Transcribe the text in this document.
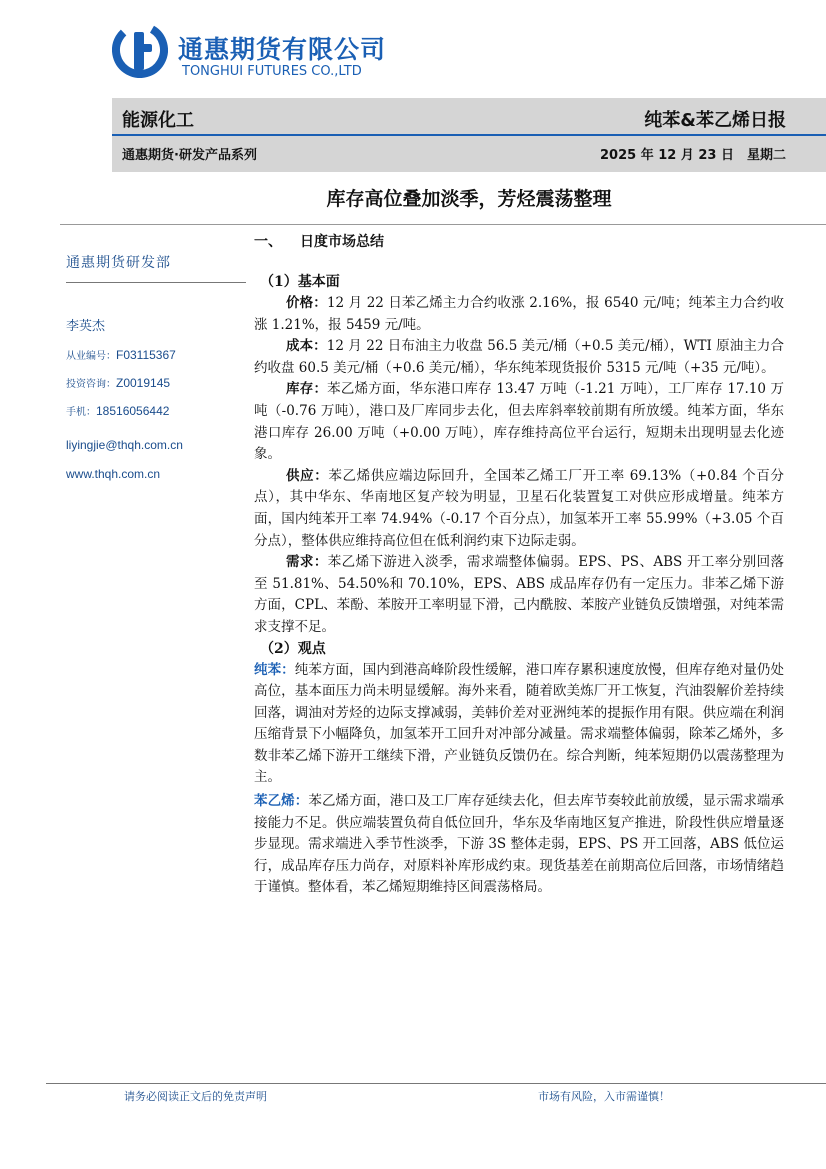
通惠期货有限公司
TONGHUI FUTURES CO.,LTD
能源化工	纯苯&苯乙烯日报
通惠期货·研发产品系列	2025 年 12 月 23 日　星期二
库存高位叠加淡季，芳烃震荡整理
通惠期货研发部
李英杰
从业编号：F03115367
投资咨询：Z0019145
手机：18516056442
liyingjie@thqh.com.cn
www.thqh.com.cn
一、 日度市场总结
（1）基本面

价格：12 月 22 日苯乙烯主力合约收涨 2.16%，报 6540 元/吨；纯苯主力合约收涨 1.21%，报 5459 元/吨。

成本：12 月 22 日布油主力收盘 56.5 美元/桶（+0.5 美元/桶），WTI 原油主力合约收盘 60.5 美元/桶（+0.6 美元/桶），华东纯苯现货报价 5315 元/吨（+35 元/吨）。

库存：苯乙烯方面，华东港口库存 13.47 万吨（-1.21 万吨），工厂库存 17.10 万吨（-0.76 万吨），港口及厂库同步去化，但去库斜率较前期有所放缓。纯苯方面，华东港口库存 26.00 万吨（+0.00 万吨），库存维持高位平台运行，短期未出现明显去化迹象。

供应：苯乙烯供应端边际回升，全国苯乙烯工厂开工率 69.13%（+0.84 个百分点），其中华东、华南地区复产较为明显，卫星石化装置复工对供应形成增量。纯苯方面，国内纯苯开工率 74.94%（-0.17 个百分点），加氢苯开工率 55.99%（+3.05 个百分点），整体供应维持高位但在低利润约束下边际走弱。

需求：苯乙烯下游进入淡季，需求端整体偏弱。EPS、PS、ABS 开工率分别回落至 51.81%、54.50%和 70.10%，EPS、ABS 成品库存仍有一定压力。非苯乙烯下游方面，CPL、苯酚、苯胺开工率明显下滑，己内酰胺、苯胺产业链负反馈增强，对纯苯需求支撑不足。

（2）观点

纯苯：纯苯方面，国内到港高峰阶段性缓解，港口库存累积速度放慢，但库存绝对量仍处高位，基本面压力尚未明显缓解。海外来看，随着欧美炼厂开工恢复，汽油裂解价差持续回落，调油对芳烃的边际支撑减弱，美韩价差对亚洲纯苯的提振作用有限。供应端在利润压缩背景下小幅降负，加氢苯开工回升对冲部分减量。需求端整体偏弱，除苯乙烯外，多数非苯乙烯下游开工继续下滑，产业链负反馈仍在。综合判断，纯苯短期仍以震荡整理为主。

苯乙烯：苯乙烯方面，港口及工厂库存延续去化，但去库节奏较此前放缓，显示需求端承接能力不足。供应端装置负荷自低位回升，华东及华南地区复产推进，阶段性供应增量逐步显现。需求端进入季节性淡季，下游 3S 整体走弱，EPS、PS 开工回落，ABS 低位运行，成品库存压力尚存，对原料补库形成约束。现货基差在前期高位后回落，市场情绪趋于谨慎。整体看，苯乙烯短期维持区间震荡格局。

请务必阅读正文后的免责声明	市场有风险，入市需谨慎！
